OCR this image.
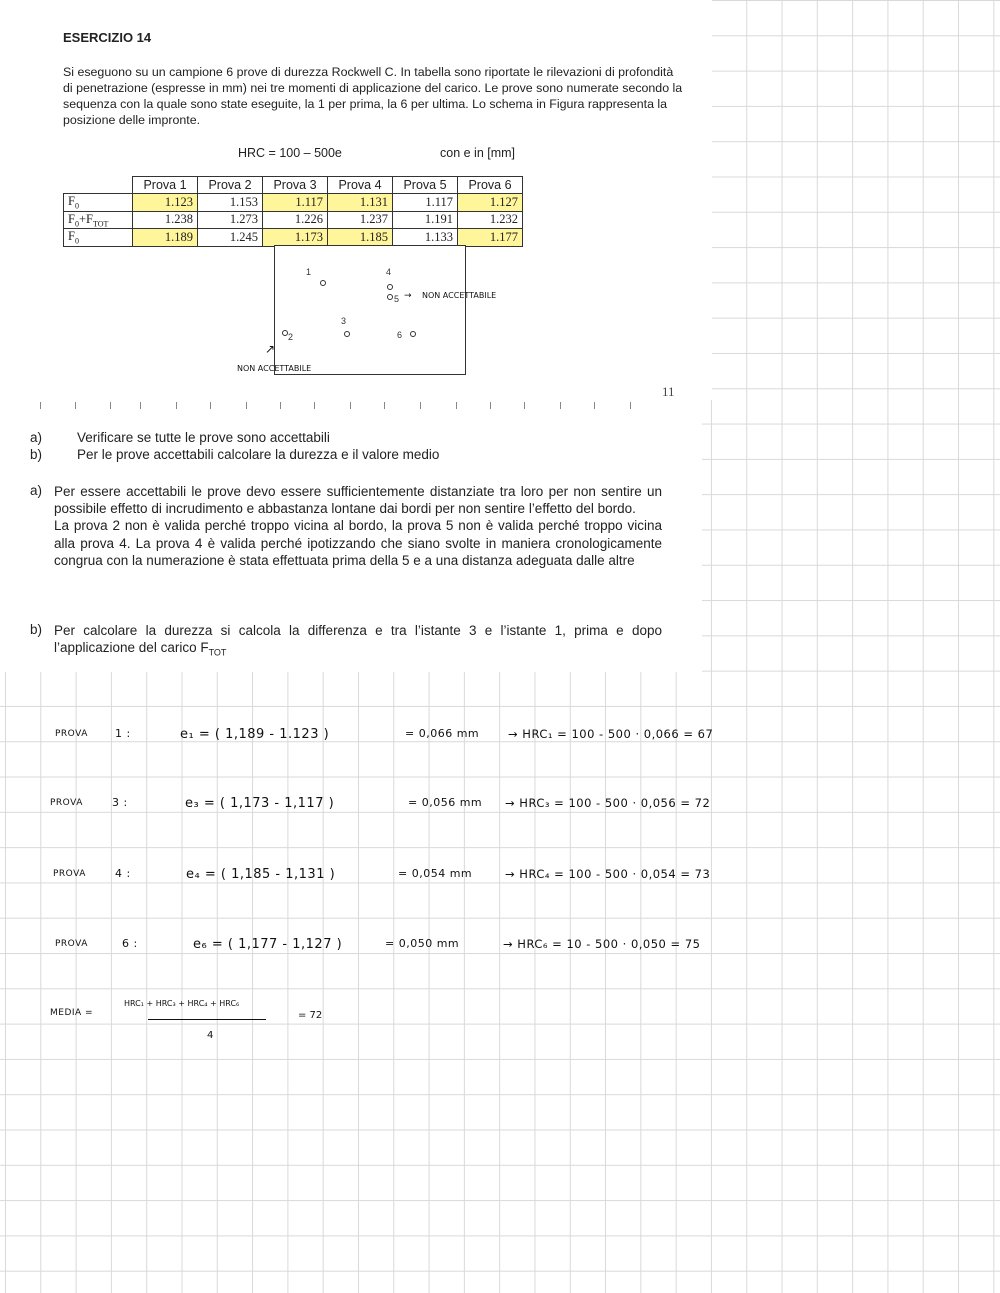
ESERCIZIO 14
Si eseguono su un campione 6 prove di durezza Rockwell C. In tabella sono riportate le rilevazioni di profondità di penetrazione (espresse in mm) nei tre momenti di applicazione del carico. Le prove sono numerate secondo la sequenza con la quale sono state eseguite, la 1 per prima, la 6 per ultima. Lo schema in Figura rappresenta la posizione delle impronte.
HRC = 100 – 500e	con e in [mm]
	Prova 1	Prova 2	Prova 3	Prova 4	Prova 5	Prova 6
$F_0$	1.123	1.153	1.117	1.131	1.117	1.127
$F_0+F_{TOT}$	1.238	1.273	1.226	1.237	1.191	1.232
$F_0$	1.189	1.245	1.173	1.185	1.133	1.177
1	4
5
3
2	6
→ NON ACCETTABILE
↗
NON ACCETTABILE
11
a)	Verificare se tutte le prove sono accettabili
b)	Per le prove accettabili calcolare la durezza e il valore medio
a) Per essere accettabili le prove devo essere sufficientemente distanziate tra loro per non sentire un possibile effetto di incrudimento e abbastanza lontane dai bordi per non sentire l’effetto del bordo.
La prova 2 non è valida perché troppo vicina al bordo, la prova 5 non è valida perché troppo vicina alla prova 4. La prova 4 è valida perché ipotizzando che siano svolte in maniera cronologicamente congrua con la numerazione è stata effettuata prima della 5 e a una distanza adeguata dalle altre
b) Per calcolare la durezza si calcola la differenza e tra l’istante 3 e l’istante 1, prima e dopo l’applicazione del carico $F_{TOT}$
PROVA 1 :	e₁ = ( 1,189 - 1.123 )	= 0,066 mm	→ HRC₁ = 100 - 500 · 0,066 = 67
PROVA	3 :	e₃ = ( 1,173 - 1,117 )	= 0,056 mm → HRC₃ = 100 - 500 · 0,056 = 72
PROVA	4 :	e₄ = ( 1,185 - 1,131 )	= 0,054 mm	→ HRC₄ = 100 - 500 · 0,054 = 73
PROVA	6 :	e₆ = ( 1,177 - 1,127 )	= 0,050 mm	→ HRC₆ = 10 - 500 · 0,050 = 75
MEDIA =
HRC₁ + HRC₃ + HRC₄ + HRC₆
4
= 72
